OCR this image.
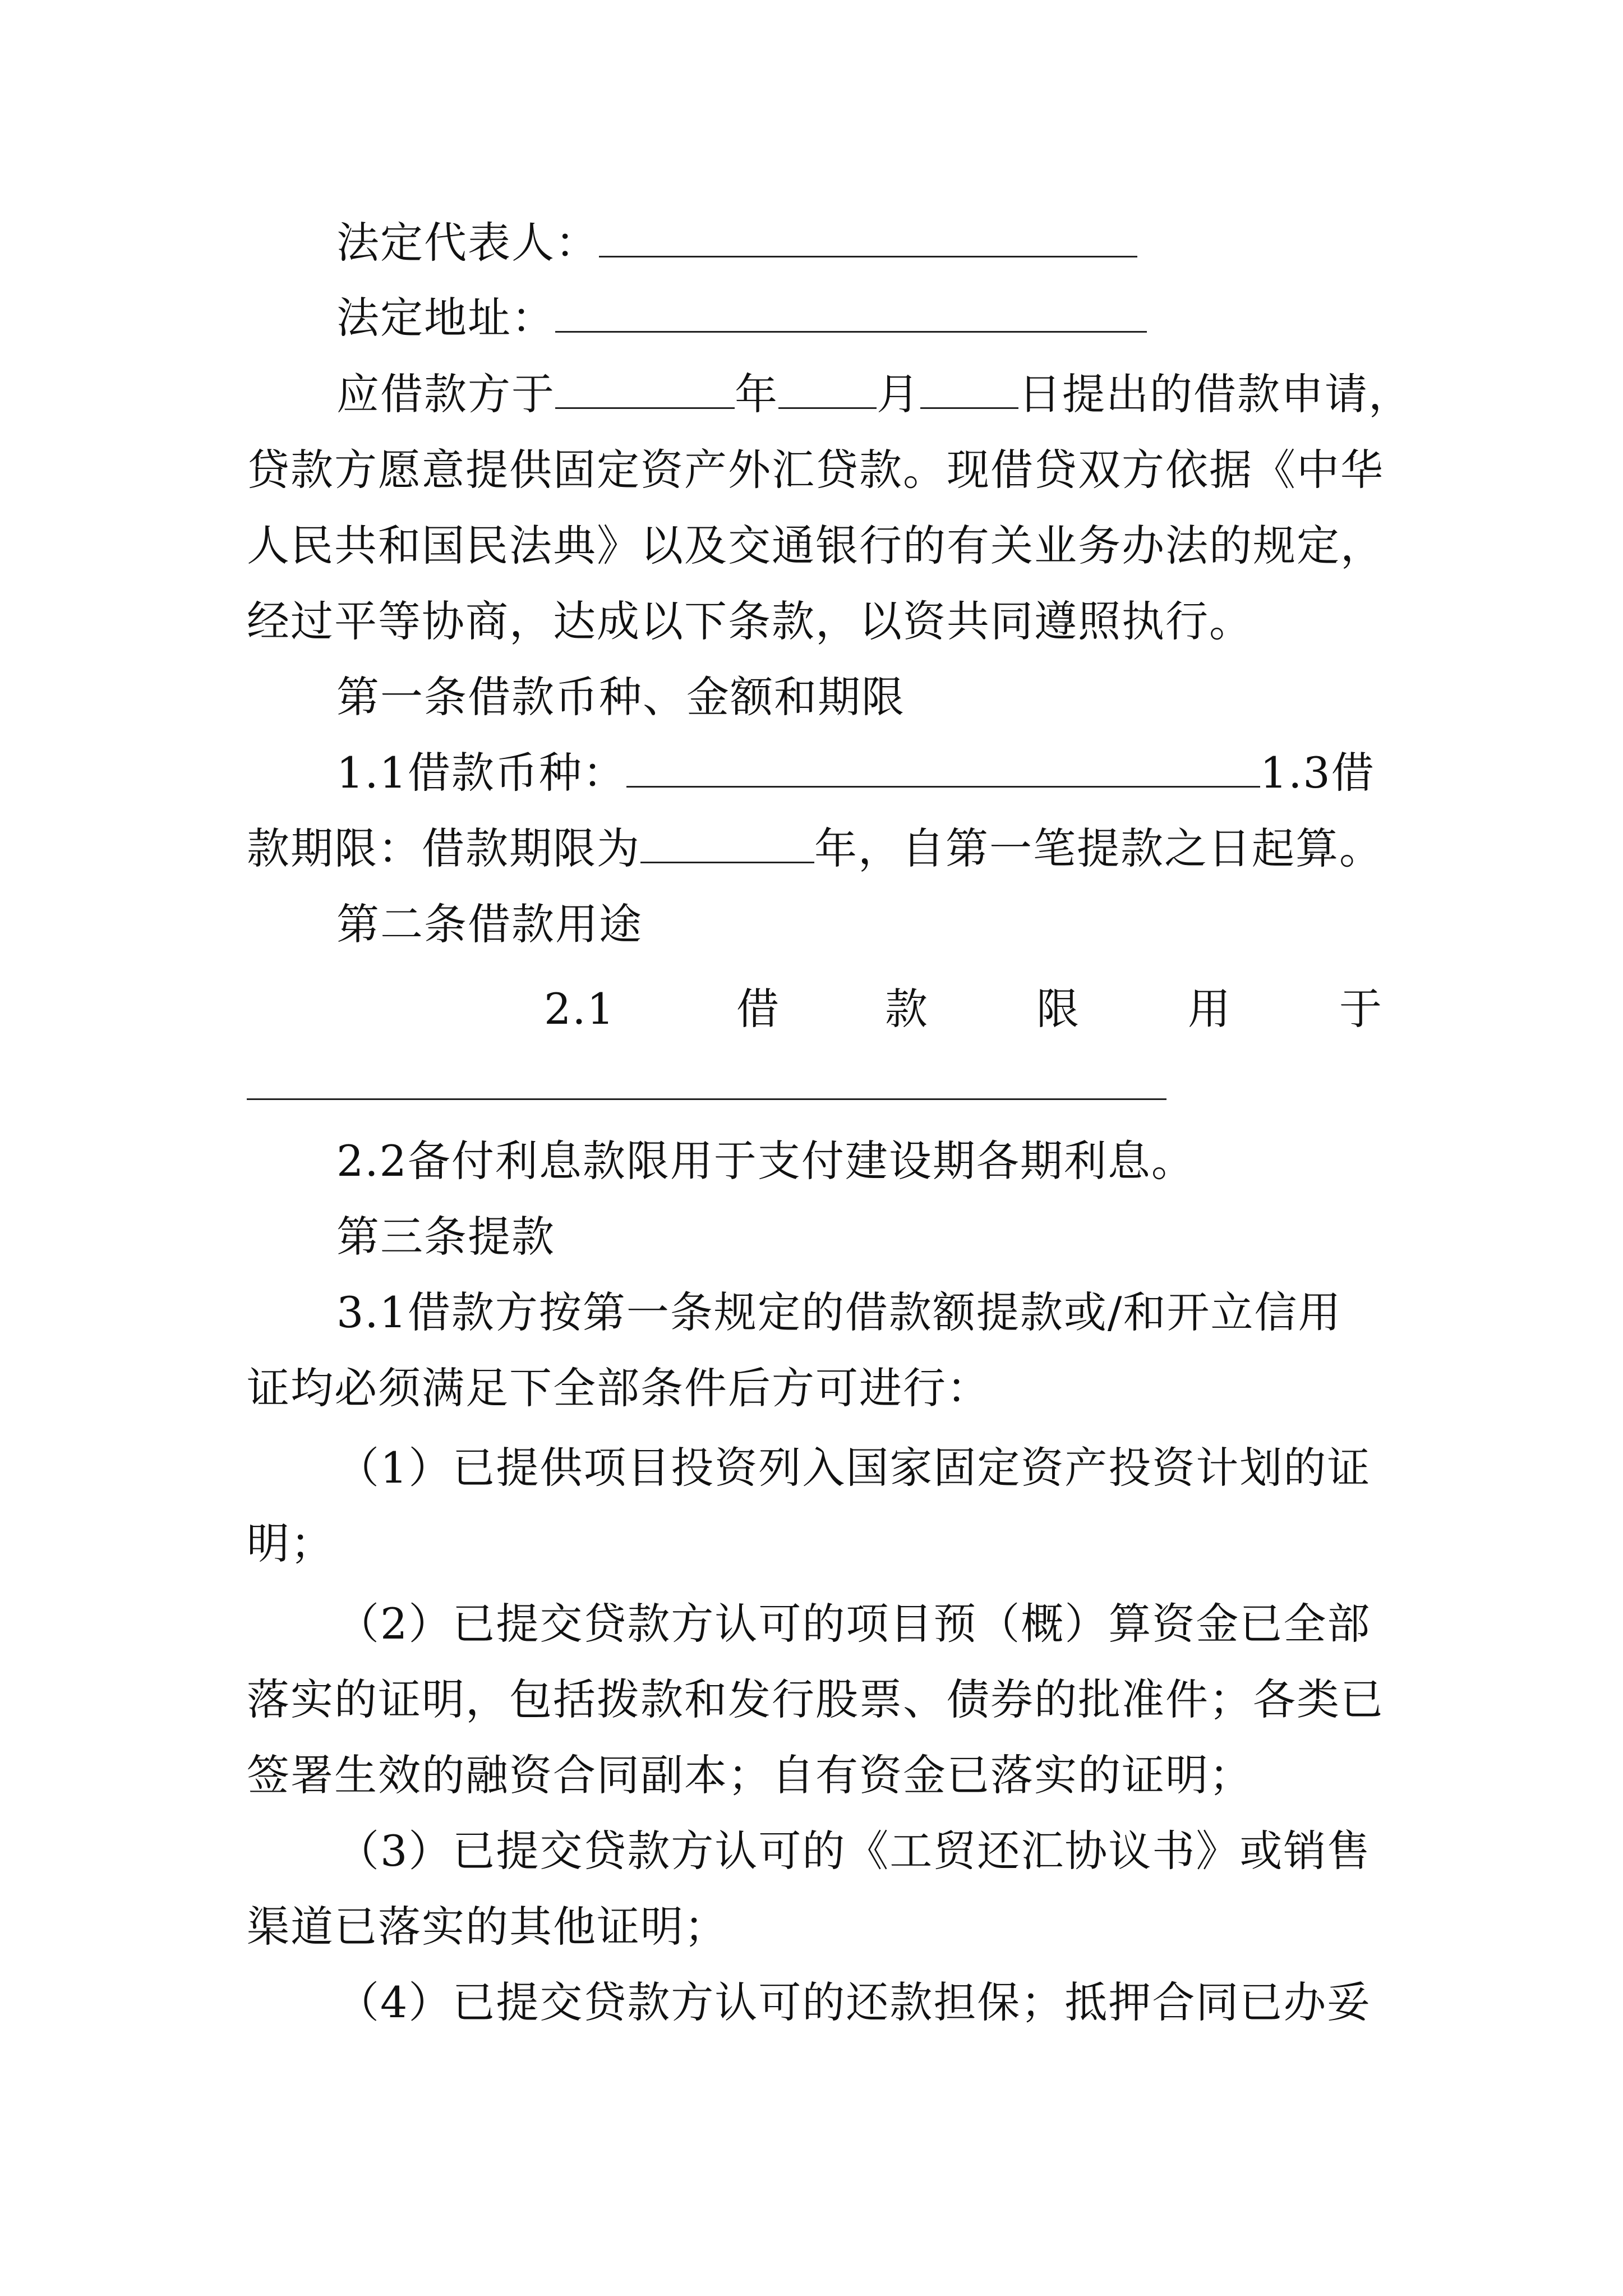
法定代表人：
法定地址：
应借款方于	年 月 日提出的借款申请，
贷款方愿意提供固定资产外汇贷款。现借贷双方依据《中华
人民共和国民法典》以及交通银行的有关业务办法的规定，
经过平等协商，达成以下条款，以资共同遵照执行。
第一条借款币种、金额和期限
1.1借款币种：	1.3借
款期限：借款期限为	年，自第一笔提款之日起算。
第二条借款用途
2.1	借 款	限	用	于
2.2备付利息款限用于支付建设期各期利息。
第三条提款
3.1借款方按第一条规定的借款额提款或/和开立信用
证均必须满足下全部条件后方可进行：
（1）已提供项目投资列入国家固定资产投资计划的证
明；
（2）已提交贷款方认可的项目预（概）算资金已全部
落实的证明，包括拨款和发行股票、债券的批准件；各类已
签署生效的融资合同副本；自有资金已落实的证明；
（3）已提交贷款方认可的《工贸还汇协议书》或销售
渠道已落实的其他证明；
（4）已提交贷款方认可的还款担保；抵押合同已办妥
